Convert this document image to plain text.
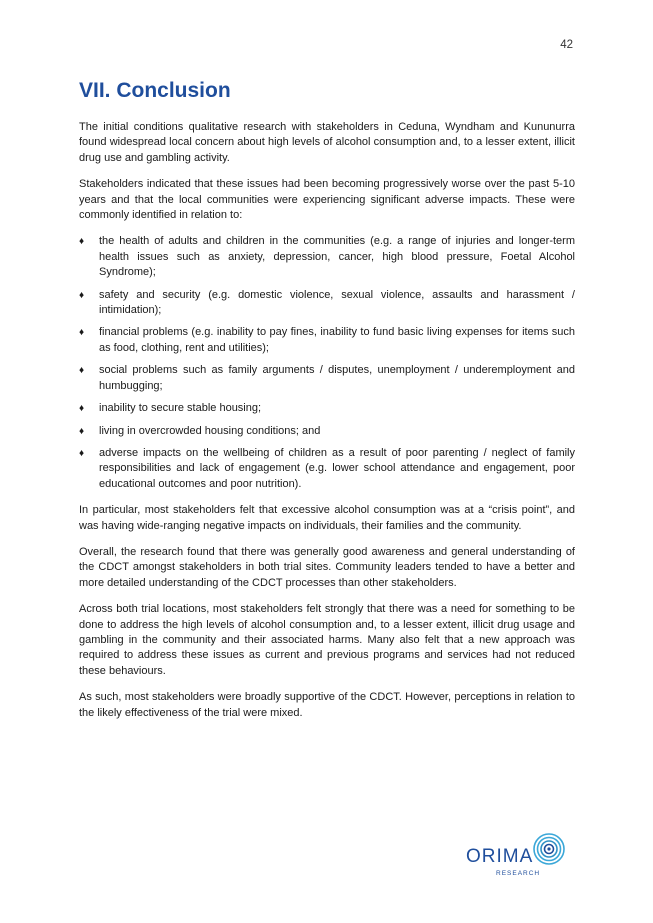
42
VII. Conclusion

The initial conditions qualitative research with stakeholders in Ceduna, Wyndham and Kununurra found widespread local concern about high levels of alcohol consumption and, to a lesser extent, illicit drug use and gambling activity.

Stakeholders indicated that these issues had been becoming progressively worse over the past 5-10 years and that the local communities were experiencing significant adverse impacts. These were commonly identified in relation to:

♦ the health of adults and children in the communities (e.g. a range of injuries and longer-term health issues such as anxiety, depression, cancer, high blood pressure, Foetal Alcohol Syndrome);
♦ safety and security (e.g. domestic violence, sexual violence, assaults and harassment / intimidation);
♦ financial problems (e.g. inability to pay fines, inability to fund basic living expenses for items such as food, clothing, rent and utilities);
♦ social problems such as family arguments / disputes, unemployment / underemployment and humbugging;
♦ inability to secure stable housing;
♦ living in overcrowded housing conditions; and
♦ adverse impacts on the wellbeing of children as a result of poor parenting / neglect of family responsibilities and lack of engagement (e.g. lower school attendance and engagement, poor educational outcomes and poor nutrition).

In particular, most stakeholders felt that excessive alcohol consumption was at a “crisis point”, and was having wide-ranging negative impacts on individuals, their families and the community.

Overall, the research found that there was generally good awareness and general understanding of the CDCT amongst stakeholders in both trial sites. Community leaders tended to have a better and more detailed understanding of the CDCT processes than other stakeholders.

Across both trial locations, most stakeholders felt strongly that there was a need for something to be done to address the high levels of alcohol consumption and, to a lesser extent, illicit drug usage and gambling in the community and their associated harms. Many also felt that a new approach was required to address these issues as current and previous programs and services had not reduced these behaviours.

As such, most stakeholders were broadly supportive of the CDCT. However, perceptions in relation to the likely effectiveness of the trial were mixed.

ORIMA
RESEARCH
